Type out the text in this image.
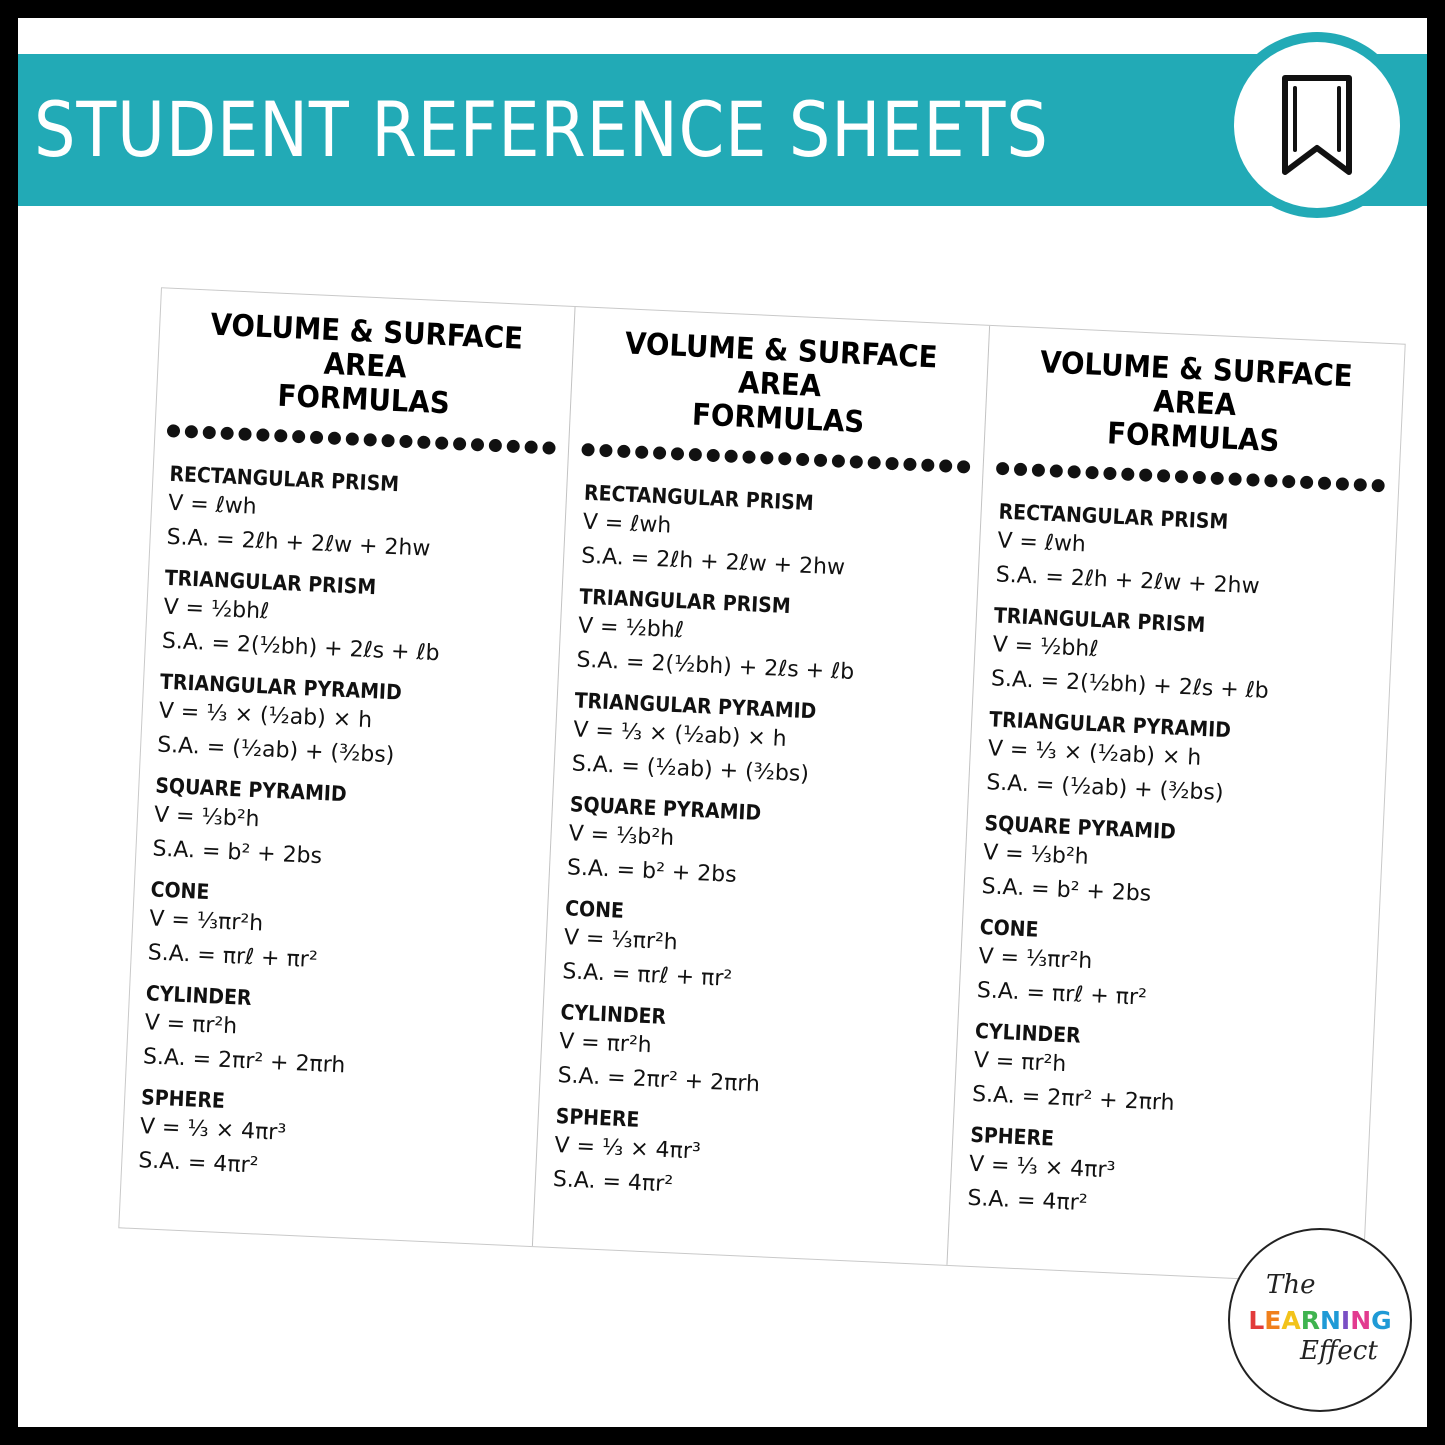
STUDENT REFERENCE SHEETS
VOLUME & SURFACE AREA
FORMULAS
RECTANGULAR PRISM
V = ℓwh
S.A. = 2ℓh + 2ℓw + 2hw
TRIANGULAR PRISM
V = ½bhℓ
S.A. = 2(½bh) + 2ℓs + ℓb
TRIANGULAR PYRAMID
V = ⅓ × (½ab) × h
S.A. = (½ab) + (³⁄₂bs)
SQUARE PYRAMID
V = ⅓b²h
S.A. = b² + 2bs
CONE
V = ⅓πr²h
S.A. = πrℓ + πr²
CYLINDER
V = πr²h
S.A. = 2πr² + 2πrh
SPHERE
V = ⅓ × 4πr³
S.A. = 4πr²
VOLUME & SURFACE AREA
FORMULAS
RECTANGULAR PRISM
V = ℓwh
S.A. = 2ℓh + 2ℓw + 2hw
TRIANGULAR PRISM
V = ½bhℓ
S.A. = 2(½bh) + 2ℓs + ℓb
TRIANGULAR PYRAMID
V = ⅓ × (½ab) × h
S.A. = (½ab) + (³⁄₂bs)
SQUARE PYRAMID
V = ⅓b²h
S.A. = b² + 2bs
CONE
V = ⅓πr²h
S.A. = πrℓ + πr²
CYLINDER
V = πr²h
S.A. = 2πr² + 2πrh
SPHERE
V = ⅓ × 4πr³
S.A. = 4πr²
VOLUME & SURFACE AREA
FORMULAS
RECTANGULAR PRISM
V = ℓwh
S.A. = 2ℓh + 2ℓw + 2hw
TRIANGULAR PRISM
V = ½bhℓ
S.A. = 2(½bh) + 2ℓs + ℓb
TRIANGULAR PYRAMID
V = ⅓ × (½ab) × h
S.A. = (½ab) + (³⁄₂bs)
SQUARE PYRAMID
V = ⅓b²h
S.A. = b² + 2bs
CONE
V = ⅓πr²h
S.A. = πrℓ + πr²
CYLINDER
V = πr²h
S.A. = 2πr² + 2πrh
SPHERE
V = ⅓ × 4πr³
S.A. = 4πr²
The
LEARNING
Effect
